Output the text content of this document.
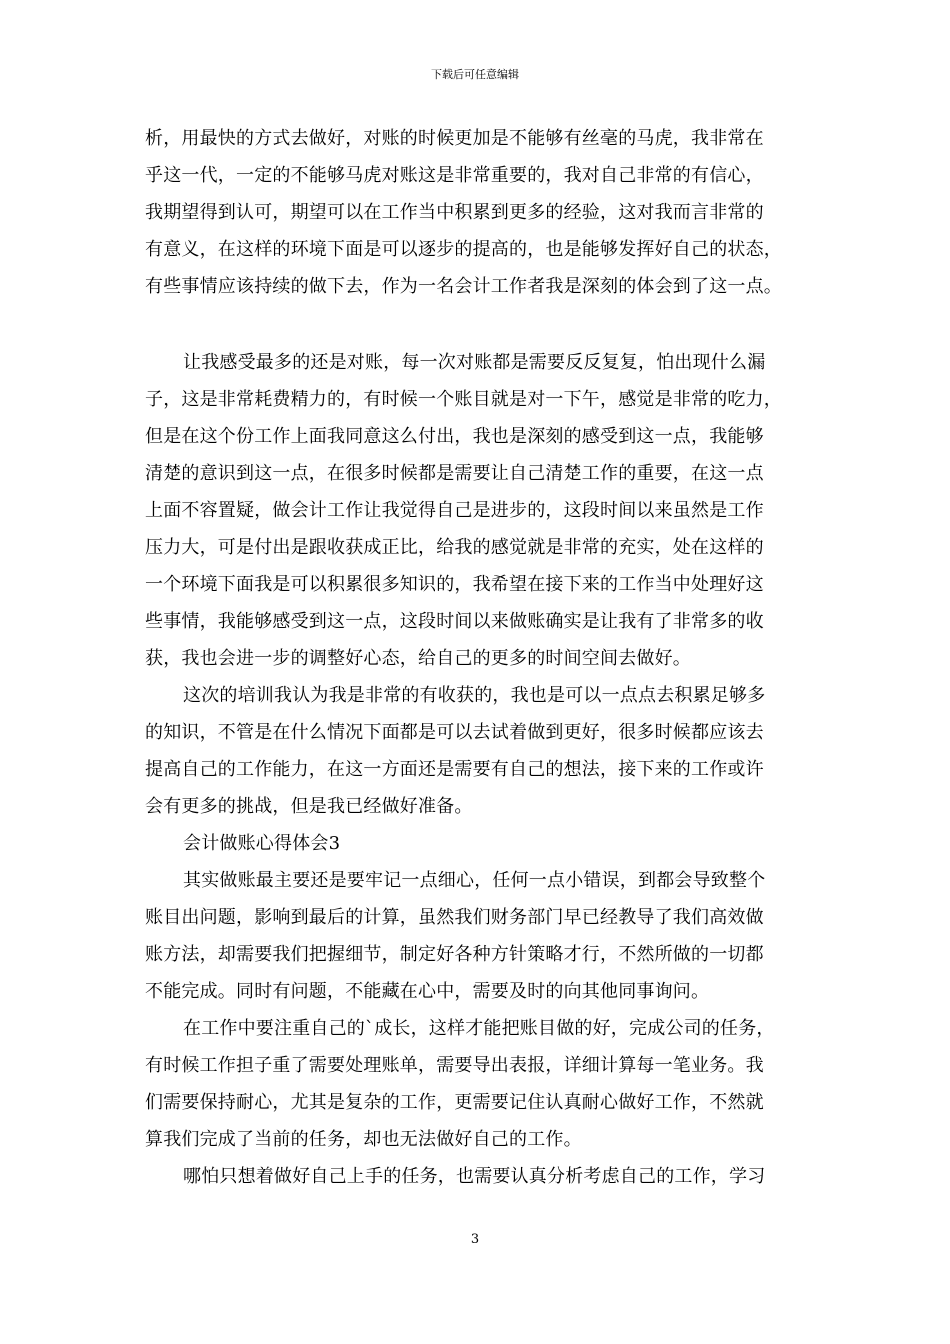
下载后可任意编辑
析，用最快的方式去做好，对账的时候更加是不能够有丝毫的马虎，我非常在
乎这一代，一定的不能够马虎对账这是非常重要的，我对自己非常的有信心，
我期望得到认可，期望可以在工作当中积累到更多的经验，这对我而言非常的
有意义，在这样的环境下面是可以逐步的提高的，也是能够发挥好自己的状态，
有些事情应该持续的做下去，作为一名会计工作者我是深刻的体会到了这一点。
让我感受最多的还是对账，每一次对账都是需要反反复复，怕出现什么漏
子，这是非常耗费精力的，有时候一个账目就是对一下午，感觉是非常的吃力，
但是在这个份工作上面我同意这么付出，我也是深刻的感受到这一点，我能够
清楚的意识到这一点，在很多时候都是需要让自己清楚工作的重要，在这一点
上面不容置疑，做会计工作让我觉得自己是进步的，这段时间以来虽然是工作
压力大，可是付出是跟收获成正比，给我的感觉就是非常的充实，处在这样的
一个环境下面我是可以积累很多知识的，我希望在接下来的工作当中处理好这
些事情，我能够感受到这一点，这段时间以来做账确实是让我有了非常多的收
获，我也会进一步的调整好心态，给自己的更多的时间空间去做好。
这次的培训我认为我是非常的有收获的，我也是可以一点点去积累足够多
的知识，不管是在什么情况下面都是可以去试着做到更好，很多时候都应该去
提高自己的工作能力，在这一方面还是需要有自己的想法，接下来的工作或许
会有更多的挑战，但是我已经做好准备。
会计做账心得体会3
其实做账最主要还是要牢记一点细心，任何一点小错误，到都会导致整个
账目出问题，影响到最后的计算，虽然我们财务部门早已经教导了我们高效做
账方法，却需要我们把握细节，制定好各种方针策略才行，不然所做的一切都
不能完成。同时有问题，不能藏在心中，需要及时的向其他同事询问。
在工作中要注重自己的`成长，这样才能把账目做的好，完成公司的任务，
有时候工作担子重了需要处理账单，需要导出表报，详细计算每一笔业务。我
们需要保持耐心，尤其是复杂的工作，更需要记住认真耐心做好工作，不然就
算我们完成了当前的任务，却也无法做好自己的工作。
哪怕只想着做好自己上手的任务，也需要认真分析考虑自己的工作，学习
3
